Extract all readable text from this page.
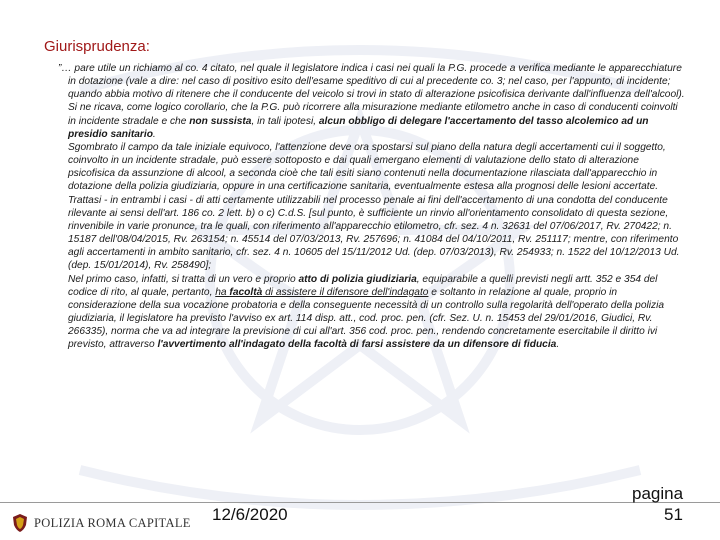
Giurisprudenza:

”… pare utile un richiamo al co. 4 citato, nel quale il legislatore indica i casi nei quali la P.G. procede a verifica mediante le apparecchiature in dotazione (vale a dire: nel caso di positivo esito dell'esame speditivo di cui al precedente co. 3; nel caso, per l'appunto, di incidente; quando abbia motivo di ritenere che il conducente del veicolo si trovi in stato di alterazione psicofisica derivante dall'influenza dell'alcool). Si ne ricava, come logico corollario, che la P.G. può ricorrere alla misurazione mediante etilometro anche in caso di conducenti coinvolti in incidente stradale e che non sussista, in tali ipotesi, alcun obbligo di delegare l'accertamento del tasso alcolemico ad un presidio sanitario.

Sgombrato il campo da tale iniziale equivoco, l'attenzione deve ora spostarsi sul piano della natura degli accertamenti cui il soggetto, coinvolto in un incidente stradale, può essere sottoposto e dai quali emergano elementi di valutazione dello stato di alterazione psicofisica da assunzione di alcool, a seconda cioè che tali esiti siano contenuti nella documentazione rilasciata dall'apparecchio in dotazione della polizia giudiziaria, oppure in una certificazione sanitaria, eventualmente estesa alla prognosi delle lesioni accertate. Trattasi - in entrambi i casi - di atti certamente utilizzabili nel processo penale ai fini dell'accertamento di una condotta del conducente rilevante ai sensi dell'art. 186 co. 2 lett. b) o c) C.d.S. [sul punto, è sufficiente un rinvio all'orientamento consolidato di questa sezione, rinvenibile in varie pronunce, tra le quali, con riferimento all'apparecchio etilometro, cfr. sez. 4 n. 32631 del 07/06/2017, Rv. 270422; n. 15187 dell'08/04/2015, Rv. 263154; n. 45514 del 07/03/2013, Rv. 257696; n. 41084 del 04/10/2011, Rv. 251117; mentre, con riferimento agli accertamenti in ambito sanitario, cfr. sez. 4 n. 10605 del 15/11/2012 Ud. (dep. 07/03/2013), Rv. 254933; n. 1522 del 10/12/2013 Ud. (dep. 15/01/2014), Rv. 258490];

Nel primo caso, infatti, si tratta di un vero e proprio atto di polizia giudiziaria, equiparabile a quelli previsti negli artt. 352 e 354 del codice di rito, al quale, pertanto, ha facoltà di assistere il difensore dell'indagato e soltanto in relazione al quale, proprio in considerazione della sua vocazione probatoria e della conseguente necessità di un controllo sulla regolarità dell'operato della polizia giudiziaria, il legislatore ha previsto l'avviso ex art. 114 disp. att., cod. proc. pen. (cfr. Sez. U. n. 15453 del 29/01/2016, Giudici, Rv. 266335), norma che va ad integrare la previsione di cui all'art. 356 cod. proc. pen., rendendo concretamente esercitabile il diritto ivi previsto, attraverso l'avvertimento all'indagato della facoltà di farsi assistere da un difensore di fiducia.

POLIZIA ROMA CAPITALE 12/6/2020
pagina
51
